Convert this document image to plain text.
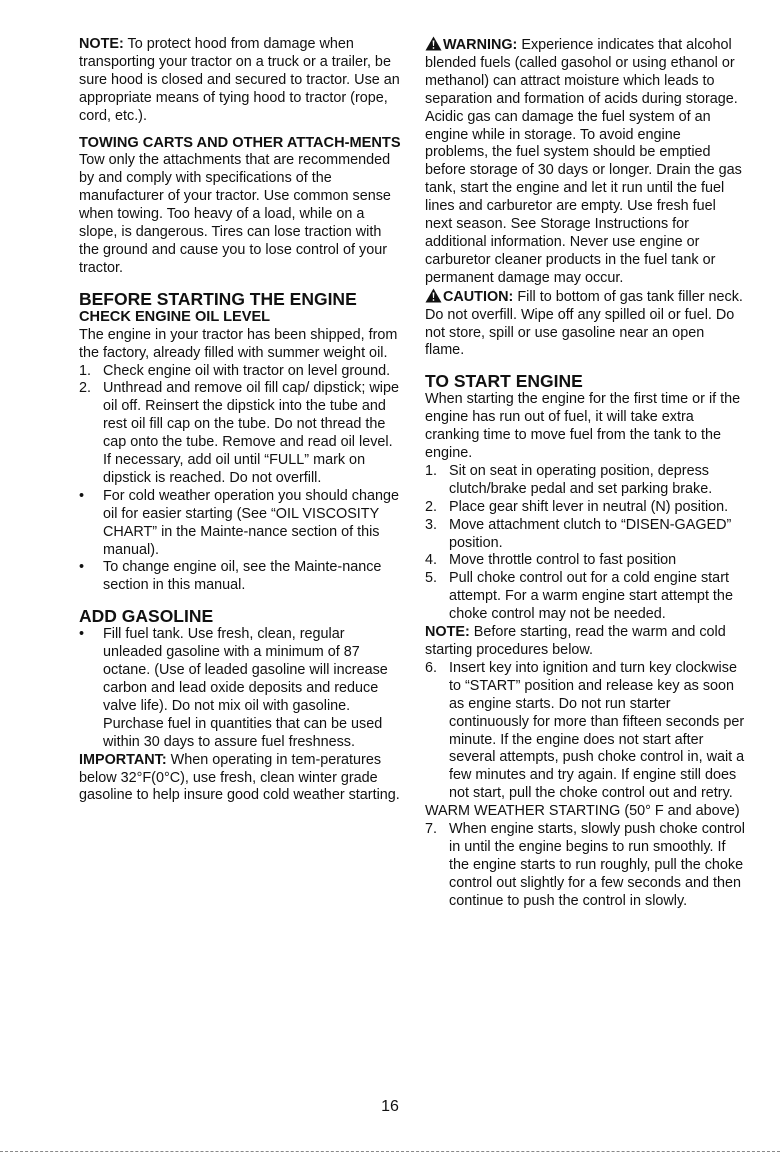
NOTE: To protect hood from damage when transporting your tractor on a truck or a trailer, be sure hood is closed and secured to tractor. Use an appropriate means of tying hood to tractor (rope, cord, etc.).

TOWING CARTS AND OTHER ATTACH-MENTS

Tow only the attachments that are recommended by and comply with specifications of the manufacturer of your tractor. Use common sense when towing. Too heavy of a load, while on a slope, is dangerous. Tires can lose traction with the ground and cause you to lose control of your tractor.

BEFORE STARTING THE ENGINE

CHECK ENGINE OIL LEVEL

The engine in your tractor has been shipped, from the factory, already filled with summer weight oil.

1. Check engine oil with tractor on level ground.
2. Unthread and remove oil fill cap/ dipstick; wipe oil off. Reinsert the dipstick into the tube and rest oil fill cap on the tube. Do not thread the cap onto the tube. Remove and read oil level. If necessary, add oil until “FULL” mark on dipstick is reached. Do not overfill.
•	For cold weather operation you should change oil for easier starting (See “OIL VISCOSITY CHART” in the Mainte-nance section of this manual).
•	To change engine oil, see the Mainte-nance section in this manual.

ADD GASOLINE

•	Fill fuel tank. Use fresh, clean, regular unleaded gasoline with a minimum of 87 octane. (Use of leaded gasoline will increase carbon and lead oxide deposits and reduce valve life). Do not mix oil with gasoline. Purchase fuel in quantities that can be used within 30 days to assure fuel freshness.

IMPORTANT: When operating in tem-peratures below 32°F(0°C), use fresh, clean winter grade gasoline to help insure good cold weather starting.

WARNING: Experience indicates that alcohol blended fuels (called gasohol or using ethanol or methanol) can attract moisture which leads to separation and formation of acids during storage. Acidic gas can damage the fuel system of an engine while in storage. To avoid engine problems, the fuel system should be emptied before storage of 30 days or longer. Drain the gas tank, start the engine and let it run until the fuel lines and carburetor are empty. Use fresh fuel next season. See Storage Instructions for additional information. Never use engine or carburetor cleaner products in the fuel tank or permanent damage may occur.

CAUTION: Fill to bottom of gas tank filler neck. Do not overfill. Wipe off any spilled oil or fuel. Do not store, spill or use gasoline near an open flame.

TO START ENGINE

When starting the engine for the first time or if the engine has run out of fuel, it will take extra cranking time to move fuel from the tank to the engine.

1. Sit on seat in operating position, depress clutch/brake pedal and set parking brake.
2. Place gear shift lever in neutral (N) position.
3. Move attachment clutch to “DISEN-GAGED” position.
4. Move throttle control to fast position
5. Pull choke control out for a cold engine start attempt. For a warm engine start attempt the choke control may not be needed.

NOTE: Before starting, read the warm and cold starting procedures below.

6. Insert key into ignition and turn key clockwise to “START” position and release key as soon as engine starts. Do not run starter continuously for more than fifteen seconds per minute. If the engine does not start after several attempts, push choke control in, wait a few minutes and try again. If engine still does not start, pull the choke control out and retry.

WARM WEATHER STARTING (50° F and above)

7. When engine starts, slowly push choke control in until the engine begins to run smoothly. If the engine starts to run roughly, pull the choke control out slightly for a few seconds and then continue to push the control in slowly.
16
